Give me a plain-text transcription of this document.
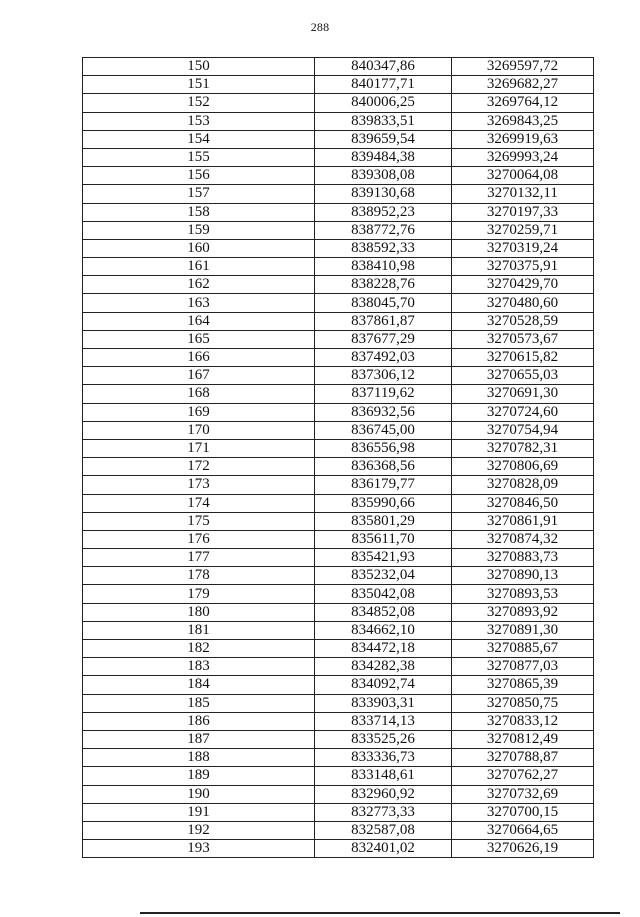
288
150	840347,86	3269597,72
151	840177,71	3269682,27
152	840006,25	3269764,12
153	839833,51	3269843,25
154	839659,54	3269919,63
155	839484,38	3269993,24
156	839308,08	3270064,08
157	839130,68	3270132,11
158	838952,23	3270197,33
159	838772,76	3270259,71
160	838592,33	3270319,24
161	838410,98	3270375,91
162	838228,76	3270429,70
163	838045,70	3270480,60
164	837861,87	3270528,59
165	837677,29	3270573,67
166	837492,03	3270615,82
167	837306,12	3270655,03
168	837119,62	3270691,30
169	836932,56	3270724,60
170	836745,00	3270754,94
171	836556,98	3270782,31
172	836368,56	3270806,69
173	836179,77	3270828,09
174	835990,66	3270846,50
175	835801,29	3270861,91
176	835611,70	3270874,32
177	835421,93	3270883,73
178	835232,04	3270890,13
179	835042,08	3270893,53
180	834852,08	3270893,92
181	834662,10	3270891,30
182	834472,18	3270885,67
183	834282,38	3270877,03
184	834092,74	3270865,39
185	833903,31	3270850,75
186	833714,13	3270833,12
187	833525,26	3270812,49
188	833336,73	3270788,87
189	833148,61	3270762,27
190	832960,92	3270732,69
191	832773,33	3270700,15
192	832587,08	3270664,65
193	832401,02	3270626,19
